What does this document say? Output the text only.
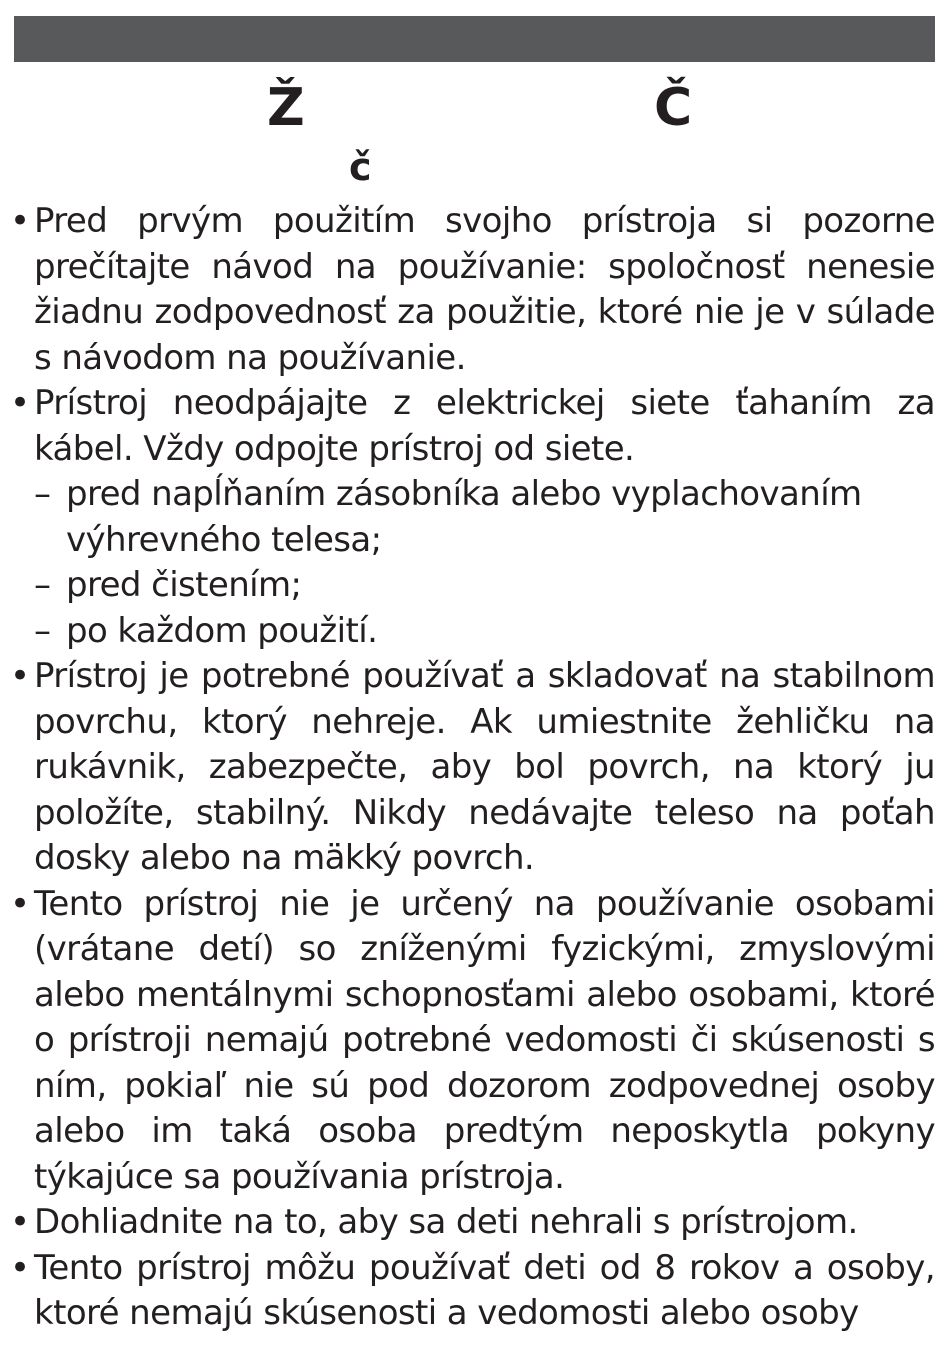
Ž	Č
č
• Pred prvým použitím svojho prístroja si pozorne prečítajte návod na používanie: spoločnosť nenesie žiadnu zodpovednosť za použitie, ktoré nie je v súlade s návodom na používanie.
• Prístroj neodpájajte z elektrickej siete ťahaním za kábel. Vždy odpojte prístroj od siete.
– pred napĺňaním zásobníka alebo vyplachovaním výhrevného telesa;
– pred čistením;
– po každom použití.
• Prístroj je potrebné používať a skladovať na stabilnom povrchu, ktorý nehreje. Ak umiestnite žehličku na rukávnik, zabezpečte, aby bol povrch, na ktorý ju položíte, stabilný. Nikdy nedávajte teleso na poťah dosky alebo na mäkký povrch.
• Tento prístroj nie je určený na používanie osobami (vrátane detí) so zníženými fyzickými, zmyslovými alebo mentálnymi schopnosťami alebo osobami, ktoré o prístroji nemajú potrebné vedomosti či skúsenosti s ním, pokiaľ nie sú pod dozorom zodpovednej osoby alebo im taká osoba predtým neposkytla pokyny týkajúce sa používania prístroja.
• Dohliadnite na to, aby sa deti nehrali s prístrojom.
• Tento prístroj môžu používať deti od 8 rokov a osoby, ktoré nemajú skúsenosti a vedomosti alebo osoby
